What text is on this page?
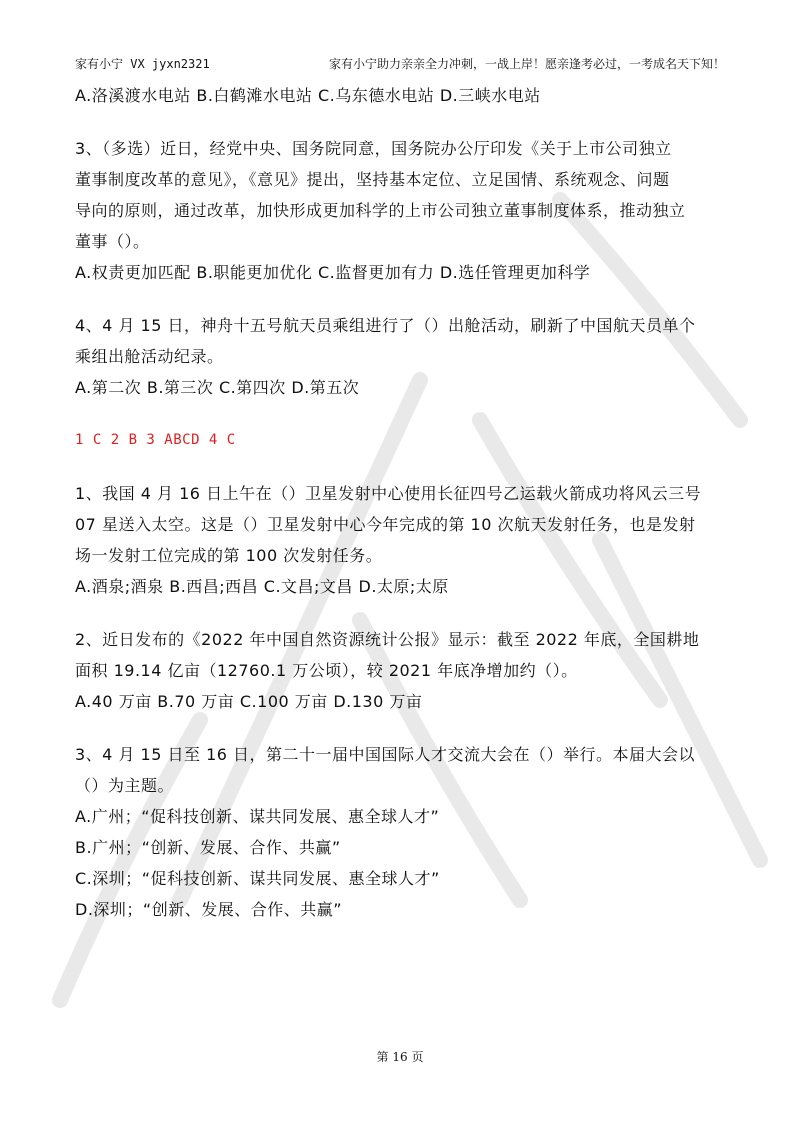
家有小宁 VX jyxn2321	家有小宁助力亲亲全力冲刺，一战上岸！愿亲逢考必过，一考成名天下知！
A.洛溪渡水电站 B.白鹤滩水电站 C.乌东德水电站 D.三峡水电站
3、（多选）近日，经党中央、国务院同意，国务院办公厅印发《关于上市公司独立
董事制度改革的意见》，《意见》提出，坚持基本定位、立足国情、系统观念、问题
导向的原则，通过改革，加快形成更加科学的上市公司独立董事制度体系，推动独立
董事（）。
A.权责更加匹配 B.职能更加优化 C.监督更加有力 D.选任管理更加科学
4、4 月 15 日，神舟十五号航天员乘组进行了（）出舱活动，刷新了中国航天员单个
乘组出舱活动纪录。
A.第二次 B.第三次 C.第四次 D.第五次
1 C 2 B 3 ABCD 4 C
1、我国 4 月 16 日上午在（）卫星发射中心使用长征四号乙运载火箭成功将风云三号
07 星送入太空。这是（）卫星发射中心今年完成的第 10 次航天发射任务，也是发射
场一发射工位完成的第 100 次发射任务。
A.酒泉;酒泉 B.西昌;西昌 C.文昌;文昌 D.太原;太原
2、近日发布的《2022 年中国自然资源统计公报》显示：截至 2022 年底，全国耕地
面积 19.14 亿亩（12760.1 万公顷），较 2021 年底净增加约（）。
A.40 万亩 B.70 万亩 C.100 万亩 D.130 万亩
3、4 月 15 日至 16 日，第二十一届中国国际人才交流大会在（）举行。本届大会以
（）为主题。
A.广州；“促科技创新、谋共同发展、惠全球人才”
B.广州；“创新、发展、合作、共赢”
C.深圳；“促科技创新、谋共同发展、惠全球人才”
D.深圳；“创新、发展、合作、共赢”
第 16 页
